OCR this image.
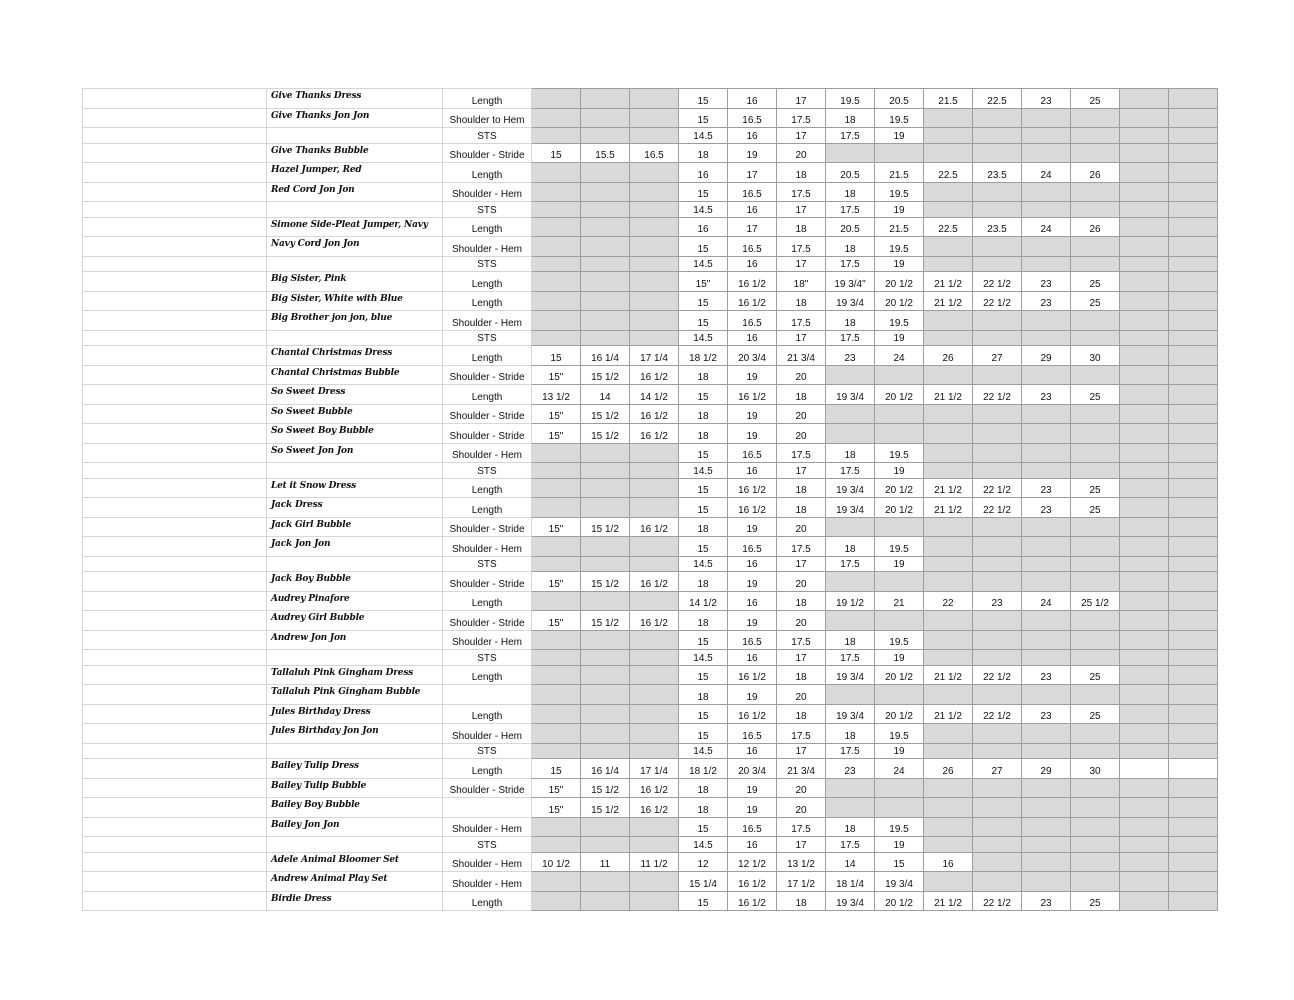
	Give Thanks Dress	Length				15	16	17	19.5	20.5	21.5	22.5	23	25		
	Give Thanks Jon Jon	Shoulder to Hem				15	16.5	17.5	18	19.5						
		STS				14.5	16	17	17.5	19						
	Give Thanks Bubble	Shoulder - Stride	15	15.5	16.5	18	19	20								
	Hazel Jumper, Red	Length				16	17	18	20.5	21.5	22.5	23.5	24	26		
	Red Cord Jon Jon	Shoulder - Hem				15	16.5	17.5	18	19.5						
		STS				14.5	16	17	17.5	19						
	Simone Side-Pleat Jumper, Navy	Length				16	17	18	20.5	21.5	22.5	23.5	24	26		
	Navy Cord Jon Jon	Shoulder - Hem				15	16.5	17.5	18	19.5						
		STS				14.5	16	17	17.5	19						
	Big Sister, Pink	Length				15"	16 1/2	18"	19 3/4"	20 1/2	21 1/2	22 1/2	23	25		
	Big Sister, White with Blue	Length				15	16 1/2	18	19 3/4	20 1/2	21 1/2	22 1/2	23	25		
	Big Brother jon jon, blue	Shoulder - Hem				15	16.5	17.5	18	19.5						
		STS				14.5	16	17	17.5	19						
	Chantal Christmas Dress	Length	15	16 1/4	17 1/4	18 1/2	20 3/4	21 3/4	23	24	26	27	29	30		
	Chantal Christmas Bubble	Shoulder - Stride	15"	15 1/2	16 1/2	18	19	20								
	So Sweet Dress	Length	13 1/2	14	14 1/2	15	16 1/2	18	19 3/4	20 1/2	21 1/2	22 1/2	23	25		
	So Sweet Bubble	Shoulder - Stride	15"	15 1/2	16 1/2	18	19	20								
	So Sweet Boy Bubble	Shoulder - Stride	15"	15 1/2	16 1/2	18	19	20								
	So Sweet Jon Jon	Shoulder - Hem				15	16.5	17.5	18	19.5						
		STS				14.5	16	17	17.5	19						
	Let it Snow Dress	Length				15	16 1/2	18	19 3/4	20 1/2	21 1/2	22 1/2	23	25		
	Jack Dress	Length				15	16 1/2	18	19 3/4	20 1/2	21 1/2	22 1/2	23	25		
	Jack Girl Bubble	Shoulder - Stride	15"	15 1/2	16 1/2	18	19	20								
	Jack Jon Jon	Shoulder - Hem				15	16.5	17.5	18	19.5						
		STS				14.5	16	17	17.5	19						
	Jack Boy Bubble	Shoulder - Stride	15"	15 1/2	16 1/2	18	19	20								
	Audrey Pinafore	Length				14 1/2	16	18	19 1/2	21	22	23	24	25 1/2		
	Audrey Girl Bubble	Shoulder - Stride	15"	15 1/2	16 1/2	18	19	20								
	Andrew Jon Jon	Shoulder - Hem				15	16.5	17.5	18	19.5						
		STS				14.5	16	17	17.5	19						
	Tallaluh Pink Gingham Dress	Length				15	16 1/2	18	19 3/4	20 1/2	21 1/2	22 1/2	23	25		
	Tallaluh Pink Gingham Bubble					18	19	20								
	Jules Birthday Dress	Length				15	16 1/2	18	19 3/4	20 1/2	21 1/2	22 1/2	23	25		
	Jules Birthday Jon Jon	Shoulder - Hem				15	16.5	17.5	18	19.5						
		STS				14.5	16	17	17.5	19						
	Bailey Tulip Dress	Length	15	16 1/4	17 1/4	18 1/2	20 3/4	21 3/4	23	24	26	27	29	30		
	Bailey Tulip Bubble	Shoulder - Stride	15"	15 1/2	16 1/2	18	19	20								
	Bailey Boy Bubble		15"	15 1/2	16 1/2	18	19	20								
	Bailey Jon Jon	Shoulder - Hem				15	16.5	17.5	18	19.5						
		STS				14.5	16	17	17.5	19						
	Adele Animal Bloomer Set	Shoulder - Hem	10 1/2	11	11 1/2	12	12 1/2	13 1/2	14	15	16					
	Andrew Animal Play Set	Shoulder - Hem				15 1/4	16 1/2	17 1/2	18 1/4	19 3/4						
	Birdie Dress	Length				15	16 1/2	18	19 3/4	20 1/2	21 1/2	22 1/2	23	25		
